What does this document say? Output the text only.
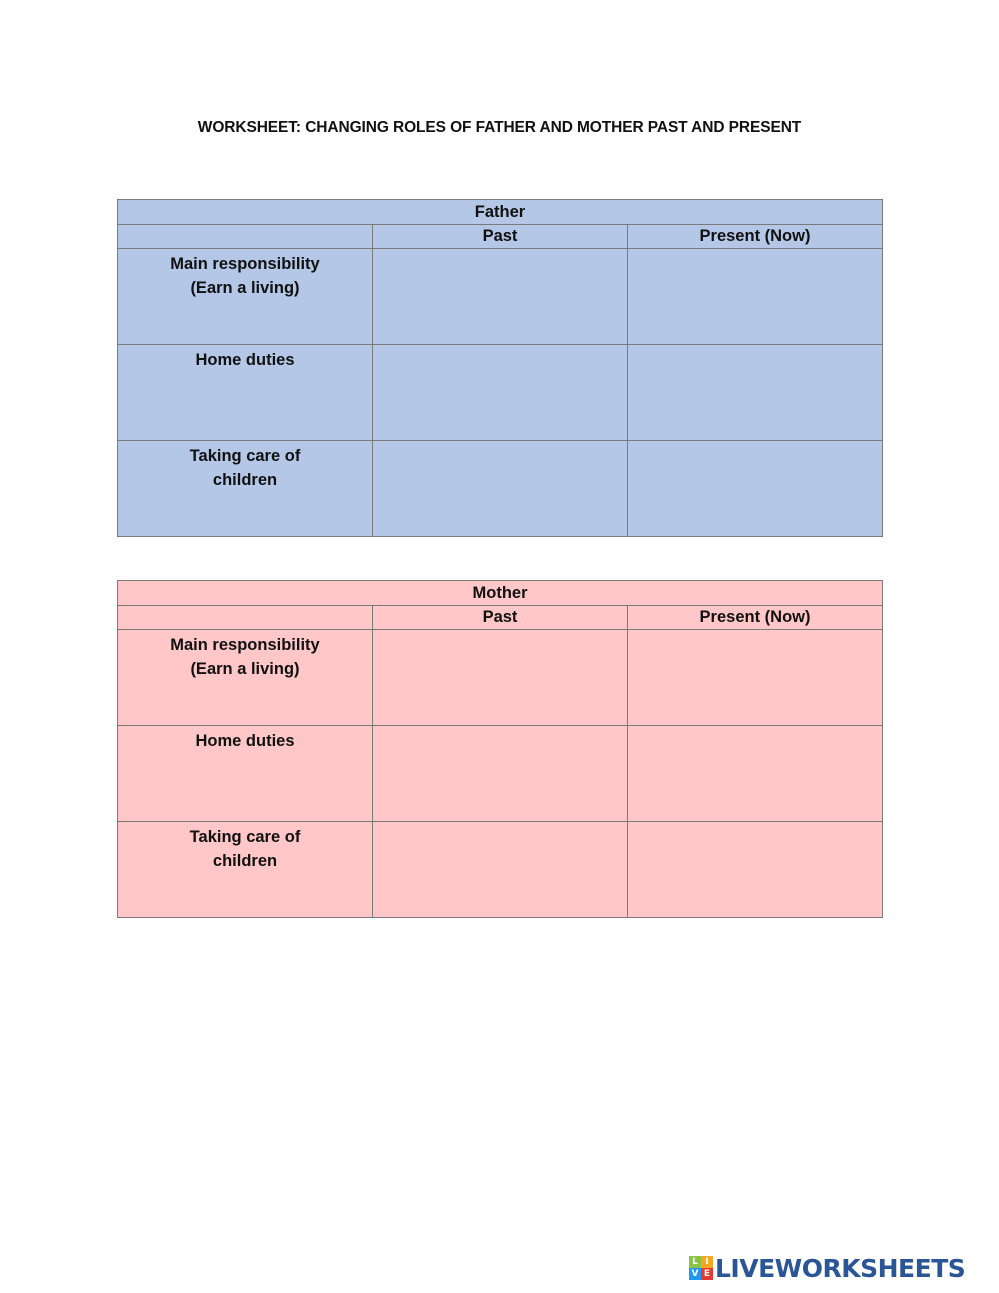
WORKSHEET: CHANGING ROLES OF FATHER AND MOTHER PAST AND PRESENT
Father		
	Past	Present (Now)

Main responsibility
(Earn a living)		

Home duties		

Taking care of
children		

Mother		
	Past	Present (Now)

Main responsibility
(Earn a living)		

Home duties		

Taking care of
children		

L I
V E LIVEWORKSHEETS
